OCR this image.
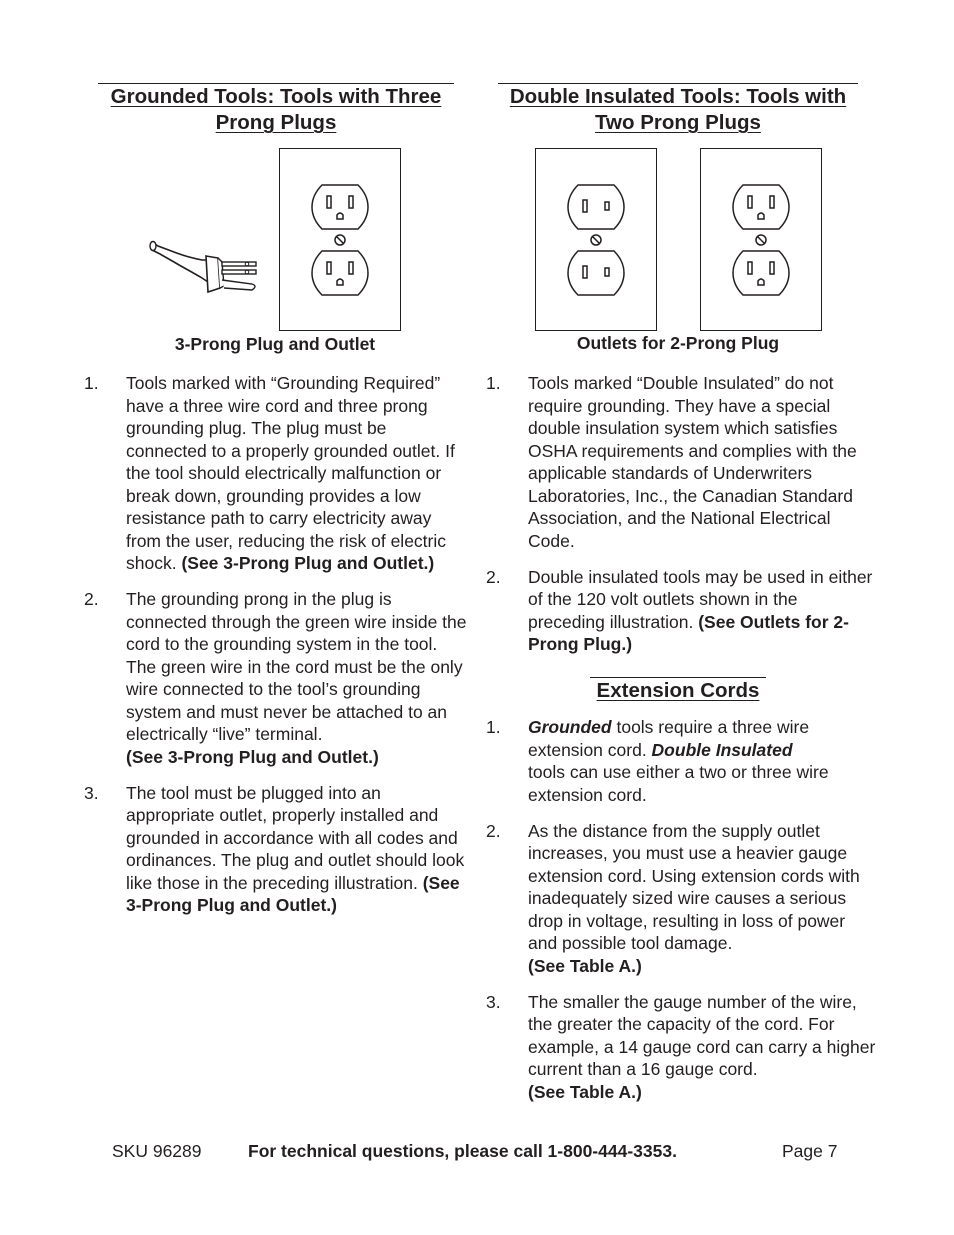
Grounded Tools: Tools with Three
Prong Plugs
3-Prong Plug and Outlet
1. Tools marked with “Grounding Required” have a three wire cord and three prong grounding plug. The plug must be connected to a properly grounded outlet. If the tool should electrically malfunction or break down, grounding provides a low resistance path to carry electricity away from the user, reducing the risk of electric shock. (See 3-Prong Plug and Outlet.)
2. The grounding prong in the plug is connected through the green wire inside the cord to the grounding system in the tool. The green wire in the cord must be the only wire connected to the tool’s grounding system and must never be attached to an electrically “live” terminal.
(See 3-Prong Plug and Outlet.)
3. The tool must be plugged into an appropriate outlet, properly installed and grounded in accordance with all codes and ordinances. The plug and outlet should look like those in the preceding illustration. (See 3-Prong Plug and Outlet.)
Double Insulated Tools: Tools with
Two Prong Plugs
Outlets for 2-Prong Plug
1. Tools marked “Double Insulated” do not require grounding. They have a special double insulation system which satisfies OSHA requirements and complies with the applicable standards of Underwriters Laboratories, Inc., the Canadian Standard Association, and the National Electrical Code.
2. Double insulated tools may be used in either of the 120 volt outlets shown in the preceding illustration. (See Outlets for 2-Prong Plug.)
Extension Cords
1. Grounded tools require a three wire extension cord. Double Insulated
tools can use either a two or three wire extension cord.
2. As the distance from the supply outlet increases, you must use a heavier gauge extension cord. Using extension cords with inadequately sized wire causes a serious drop in voltage, resulting in loss of power and possible tool damage.
(See Table A.)
3. The smaller the gauge number of the wire, the greater the capacity of the cord. For example, a 14 gauge cord can carry a higher current than a 16 gauge cord.
(See Table A.)
SKU 96289	For technical questions, please call 1-800-444-3353.	Page 7
